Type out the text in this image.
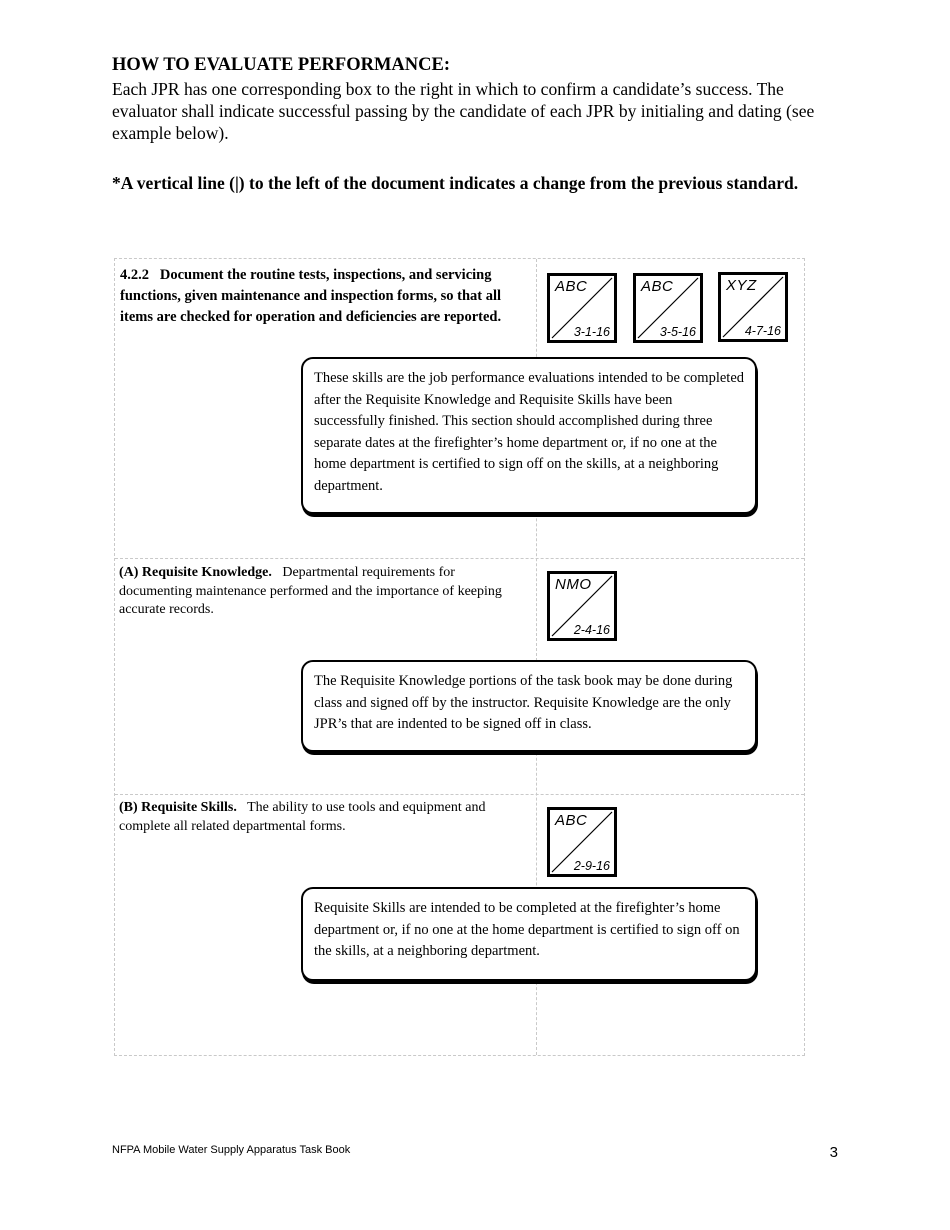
HOW TO EVALUATE PERFORMANCE:
Each JPR has one corresponding box to the right in which to confirm a candidate’s success. The evaluator shall indicate successful passing by the candidate of each JPR by initialing and dating (see example below).
*A vertical line (|) to the left of the document indicates a change from the previous standard.
4.2.2 Document the routine tests, inspections, and servicing functions, given maintenance and inspection forms, so that all items are checked for operation and deficiencies are reported.
ABC
3-1-16
ABC
3-5-16
XYZ
4-7-16
These skills are the job performance evaluations intended to be completed after the Requisite Knowledge and Requisite Skills have been successfully finished. This section should accomplished during three separate dates at the firefighter’s home department or, if no one at the home department is certified to sign off on the skills, at a neighboring department.
(A) Requisite Knowledge. Departmental requirements for documenting maintenance performed and the importance of keeping accurate records.
NMO
2-4-16
The Requisite Knowledge portions of the task book may be done during class and signed off by the instructor. Requisite Knowledge are the only JPR’s that are indented to be signed off in class.
(B) Requisite Skills. The ability to use tools and equipment and complete all related departmental forms.	ABC
2-9-16
Requisite Skills are intended to be completed at the firefighter’s home department or, if no one at the home department is certified to sign off on the skills, at a neighboring department.
NFPA Mobile Water Supply Apparatus Task Book	3
